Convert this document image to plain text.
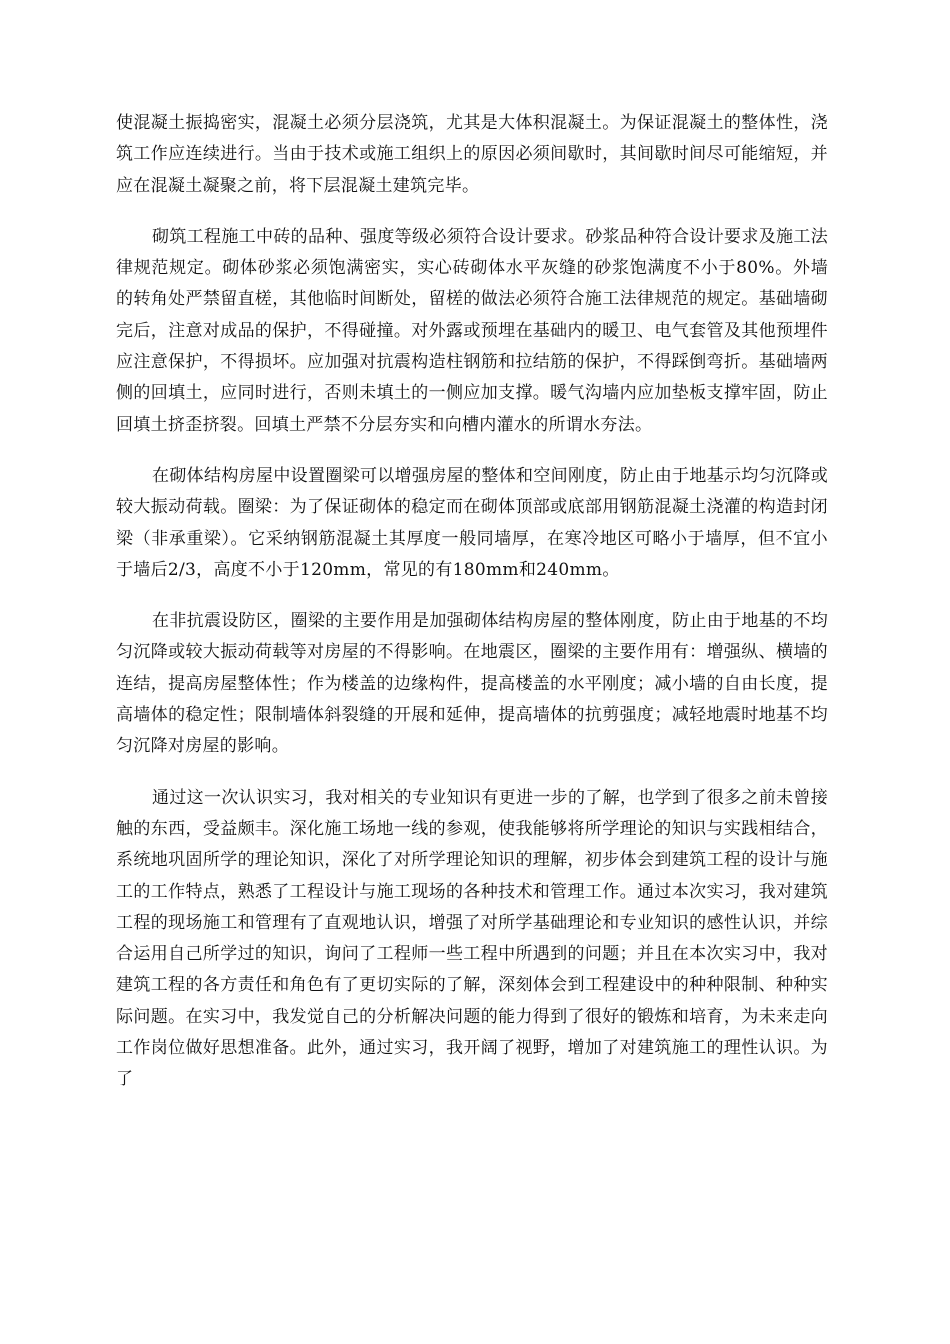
使混凝土振捣密实，混凝土必须分层浇筑，尤其是大体积混凝土。为保证混凝土的整体性，浇筑工作应连续进行。当由于技术或施工组织上的原因必须间歇时，其间歇时间尽可能缩短，并应在混凝土凝聚之前，将下层混凝土建筑完毕。

砌筑工程施工中砖的品种、强度等级必须符合设计要求。砂浆品种符合设计要求及施工法律规范规定。砌体砂浆必须饱满密实，实心砖砌体水平灰缝的砂浆饱满度不小于80%。外墙的转角处严禁留直槎，其他临时间断处，留槎的做法必须符合施工法律规范的规定。基础墙砌完后，注意对成品的保护，不得碰撞。对外露或预埋在基础内的暖卫、电气套管及其他预埋件应注意保护，不得损坏。应加强对抗震构造柱钢筋和拉结筋的保护，不得踩倒弯折。基础墙两侧的回填土，应同时进行，否则未填土的一侧应加支撑。暖气沟墙内应加垫板支撑牢固，防止回填土挤歪挤裂。回填土严禁不分层夯实和向槽内灌水的所谓水夯法。

在砌体结构房屋中设置圈梁可以增强房屋的整体和空间刚度，防止由于地基示均匀沉降或较大振动荷载。圈梁：为了保证砌体的稳定而在砌体顶部或底部用钢筋混凝土浇灌的构造封闭梁（非承重梁）。它采纳钢筋混凝土其厚度一般同墙厚，在寒冷地区可略小于墙厚，但不宜小于墙后2/3，高度不小于120mm，常见的有180mm和240mm。

在非抗震设防区，圈梁的主要作用是加强砌体结构房屋的整体刚度，防止由于地基的不均匀沉降或较大振动荷载等对房屋的不得影响。在地震区，圈梁的主要作用有：增强纵、横墙的连结，提高房屋整体性；作为楼盖的边缘构件，提高楼盖的水平刚度；减小墙的自由长度，提高墙体的稳定性；限制墙体斜裂缝的开展和延伸，提高墙体的抗剪强度；减轻地震时地基不均匀沉降对房屋的影响。

通过这一次认识实习，我对相关的专业知识有更进一步的了解，也学到了很多之前未曾接触的东西，受益颇丰。深化施工场地一线的参观，使我能够将所学理论的知识与实践相结合，系统地巩固所学的理论知识，深化了对所学理论知识的理解，初步体会到建筑工程的设计与施工的工作特点，熟悉了工程设计与施工现场的各种技术和管理工作。通过本次实习，我对建筑工程的现场施工和管理有了直观地认识，增强了对所学基础理论和专业知识的感性认识，并综合运用自己所学过的知识，询问了工程师一些工程中所遇到的问题；并且在本次实习中，我对建筑工程的各方责任和角色有了更切实际的了解，深刻体会到工程建设中的种种限制、种种实际问题。在实习中，我发觉自己的分析解决问题的能力得到了很好的锻炼和培育，为未来走向工作岗位做好思想准备。此外，通过实习，我开阔了视野，增加了对建筑施工的理性认识。为了
